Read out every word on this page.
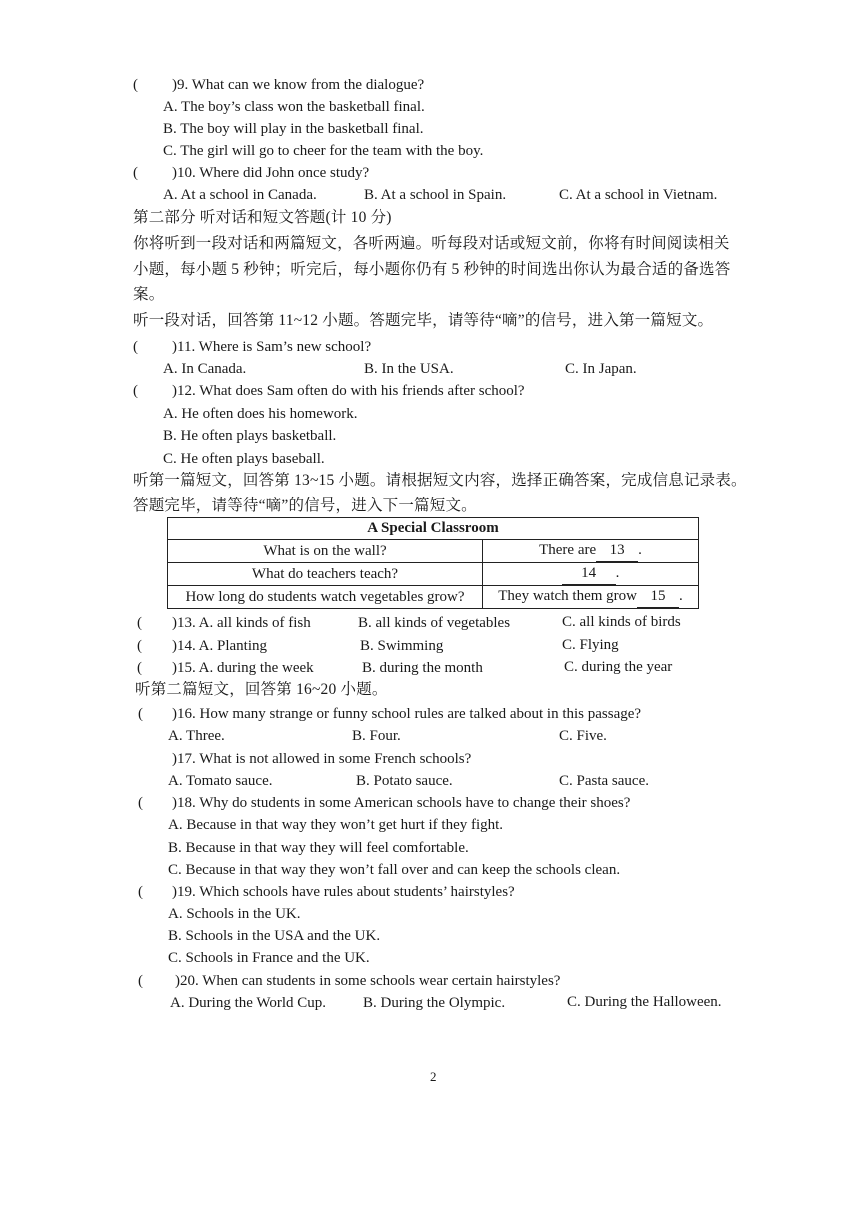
( )9. What can we know from the dialogue?
A. The boy’s class won the basketball final.
B. The boy will play in the basketball final.
C. The girl will go to cheer for the team with the boy.
( )10. Where did John once study?
A. At a school in Canada.	B. At a school in Spain.	C. At a school in Vietnam.
第二部分 听对话和短文答题(计 10 分)
你将听到一段对话和两篇短文，各听两遍。听每段对话或短文前，你将有时间阅读相关
小题，每小题 5 秒钟；听完后，每小题你仍有 5 秒钟的时间选出你认为最合适的备选答
案。
听一段对话，回答第 11~12 小题。答题完毕，请等待“嘀”的信号，进入第一篇短文。
( )11. Where is Sam’s new school?
A. In Canada.	B. In the USA.	C. In Japan.
( )12. What does Sam often do with his friends after school?
A. He often does his homework.
B. He often plays basketball.
C. He often plays baseball.
听第一篇短文，回答第 13~15 小题。请根据短文内容，选择正确答案，完成信息记录表。
答题完毕，请等待“嘀”的信号，进入下一篇短文。
A Special Classroom	
What is on the wall?	There are 13 .
What do teachers teach?	14 .
How long do students watch vegetables grow?	They watch them grow 15 .
( )13. A. all kinds of fish	B. all kinds of vegetables	C. all kinds of birds
( )14. A. Planting	B. Swimming	C. Flying
( )15. A. during the week	B. during the month	C. during the year
听第二篇短文，回答第 16~20 小题。
( )16. How many strange or funny school rules are talked about in this passage?
A. Three.	B. Four.	C. Five.
)17. What is not allowed in some French schools?
A. Tomato sauce.	B. Potato sauce.	C. Pasta sauce.
( )18. Why do students in some American schools have to change their shoes?
A. Because in that way they won’t get hurt if they fight.
B. Because in that way they will feel comfortable.
C. Because in that way they won’t fall over and can keep the schools clean.
( )19. Which schools have rules about students’ hairstyles?
A. Schools in the UK.
B. Schools in the USA and the UK.
C. Schools in France and the UK.
( )20. When can students in some schools wear certain hairstyles?
A. During the World Cup. B. During the Olympic.	C. During the Halloween.
2
